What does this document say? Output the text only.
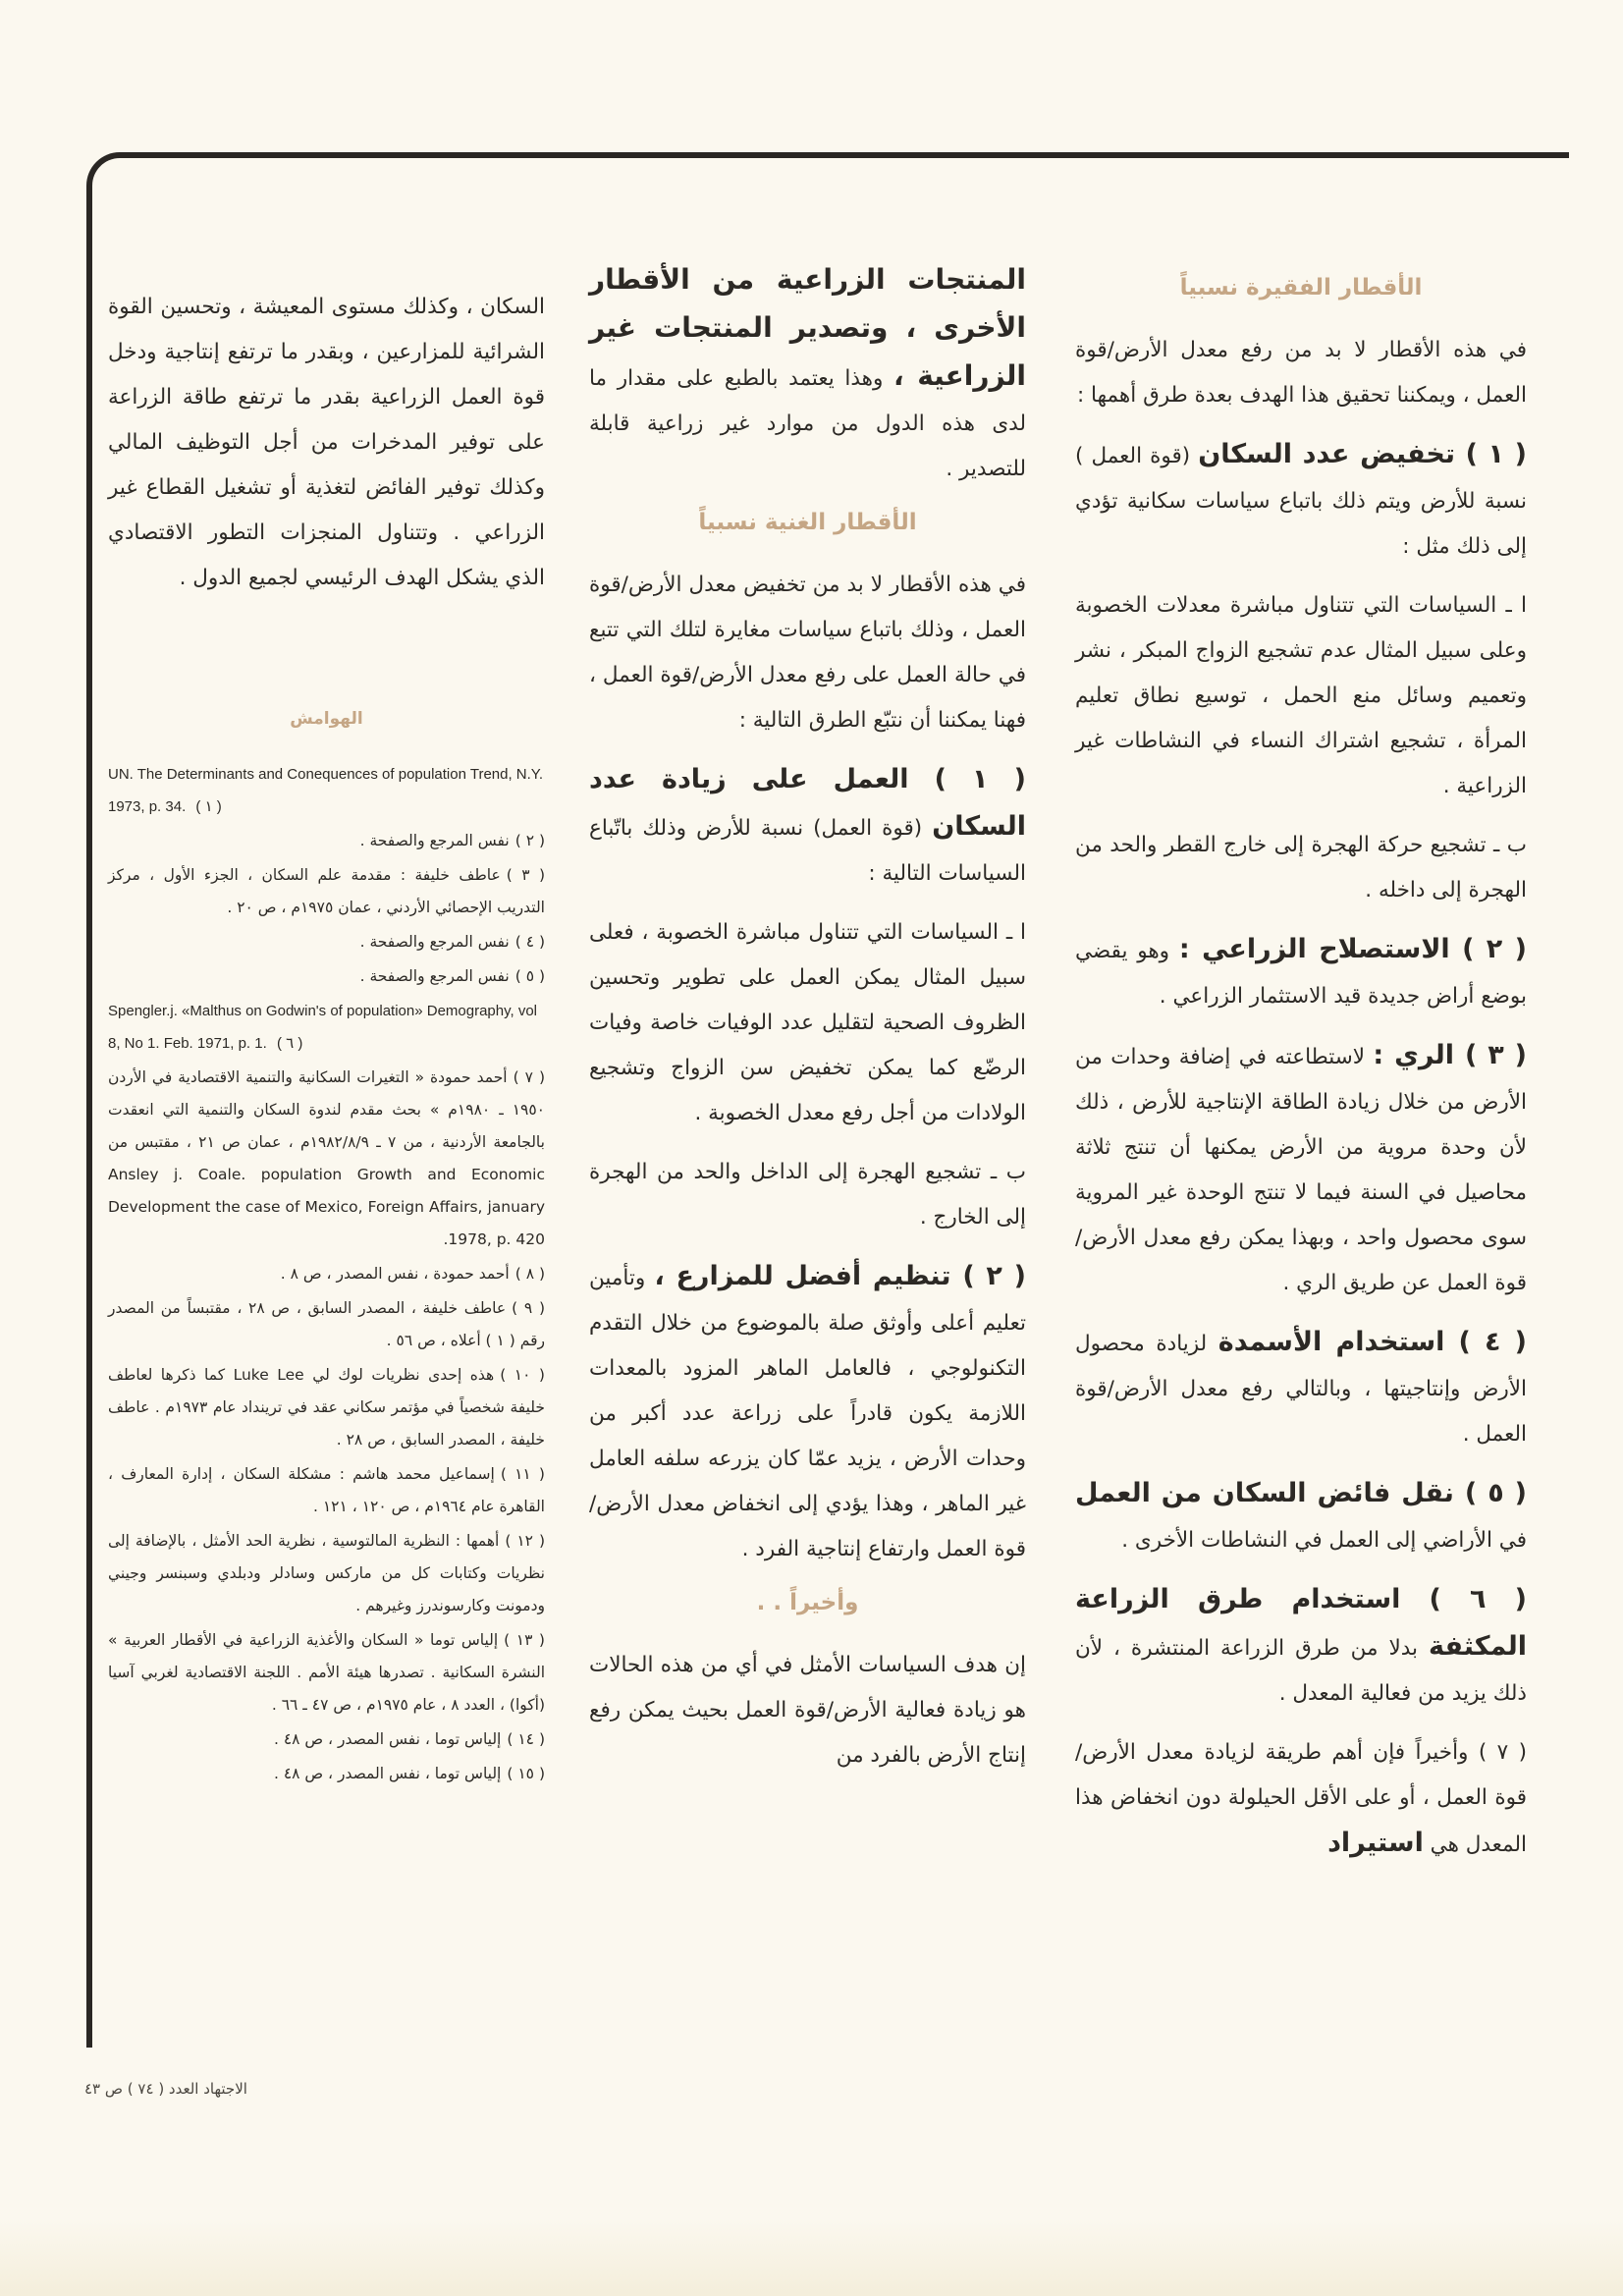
الأقطار الفقيرة نسبياً

في هذه الأقطار لا بد من رفع معدل الأرض/قوة العمل ، ويمكننا تحقيق هذا الهدف بعدة طرق أهمها :

( ١ ) تخفيض عدد السكان (قوة العمل ) نسبة للأرض ويتم ذلك باتباع سياسات سكانية تؤدي إلى ذلك مثل :

ا ـ السياسات التي تتناول مباشرة معدلات الخصوبة وعلى سبيل المثال عدم تشجيع الزواج المبكر ، نشر وتعميم وسائل منع الحمل ، توسيع نطاق تعليم المرأة ، تشجيع اشتراك النساء في النشاطات غير الزراعية .

ب ـ تشجيع حركة الهجرة إلى خارج القطر والحد من الهجرة إلى داخله .

( ٢ ) الاستصلاح الزراعي : وهو يقضي بوضع أراض جديدة قيد الاستثمار الزراعي .

( ٣ ) الري : لاستطاعته في إضافة وحدات من الأرض من خلال زيادة الطاقة الإنتاجية للأرض ، ذلك لأن وحدة مروية من الأرض يمكنها أن تنتج ثلاثة محاصيل في السنة فيما لا تنتج الوحدة غير المروية سوى محصول واحد ، وبهذا يمكن رفع معدل الأرض/قوة العمل عن طريق الري .

( ٤ ) استخدام الأسمدة لزيادة محصول الأرض وإنتاجيتها ، وبالتالي رفع معدل الأرض/قوة العمل .

( ٥ ) نقل فائض السكان من العمل في الأراضي إلى العمل في النشاطات الأخرى .

( ٦ ) استخدام طرق الزراعة المكثفة بدلا من طرق الزراعة المنتشرة ، لأن ذلك يزيد من فعالية المعدل .

( ٧ ) وأخيراً فإن أهم طريقة لزيادة معدل الأرض/قوة العمل ، أو على الأقل الحيلولة دون انخفاض هذا المعدل هي استيراد

المنتجات الزراعية من الأقطار الأخرى ، وتصدير المنتجات غير الزراعية ، وهذا يعتمد بالطبع على مقدار ما لدى هذه الدول من موارد غير زراعية قابلة للتصدير .

الأقطار الغنية نسبياً

في هذه الأقطار لا بد من تخفيض معدل الأرض/قوة العمل ، وذلك باتباع سياسات مغايرة لتلك التي تتبع في حالة العمل على رفع معدل الأرض/قوة العمل ، فهنا يمكننا أن نتبّع الطرق التالية :

( ١ ) العمل على زيادة عدد السكان (قوة العمل) نسبة للأرض وذلك باتّباع السياسات التالية :

ا ـ السياسات التي تتناول مباشرة الخصوبة ، فعلى سبيل المثال يمكن العمل على تطوير وتحسين الظروف الصحية لتقليل عدد الوفيات خاصة وفيات الرضّع كما يمكن تخفيض سن الزواج وتشجيع الولادات من أجل رفع معدل الخصوبة .

ب ـ تشجيع الهجرة إلى الداخل والحد من الهجرة إلى الخارج .

( ٢ ) تنظيم أفضل للمزارع ، وتأمين تعليم أعلى وأوثق صلة بالموضوع من خلال التقدم التكنولوجي ، فالعامل الماهر المزود بالمعدات اللازمة يكون قادراً على زراعة عدد أكبر من وحدات الأرض ، يزيد عمّا كان يزرعه سلفه العامل غير الماهر ، وهذا يؤدي إلى انخفاض معدل الأرض/قوة العمل وارتفاع إنتاجية الفرد .

وأخيراً . .

إن هدف السياسات الأمثل في أي من هذه الحالات هو زيادة فعالية الأرض/قوة العمل بحيث يمكن رفع إنتاج الأرض بالفرد من

السكان ، وكذلك مستوى المعيشة ، وتحسين القوة الشرائية للمزارعين ، وبقدر ما ترتفع إنتاجية ودخل قوة العمل الزراعية بقدر ما ترتفع طاقة الزراعة على توفير المدخرات من أجل التوظيف المالي وكذلك توفير الفائض لتغذية أو تشغيل القطاع غير الزراعي . وتتناول المنجزات التطور الاقتصادي الذي يشكل الهدف الرئيسي لجميع الدول .

الهوامش
UN. The Determinants and Conequences of population Trend, N.Y. 1973, p. 34. ( ١ )
( ٢ )نفس المرجع والصفحة .
( ٣ )عاطف خليفة : مقدمة علم السكان ، الجزء الأول ، مركز التدريب الإحصائي الأردني ، عمان ١٩٧٥م ، ص ٢٠ .
( ٤ )نفس المرجع والصفحة .
( ٥ )نفس المرجع والصفحة .
Spengler.j. «Malthus on Godwin's of population» Demography, vol 8, No 1. Feb. 1971, p. 1. ( ٦ )
( ٧ )أحمد حمودة « التغيرات السكانية والتنمية الاقتصادية في الأردن ١٩٥٠ ـ ١٩٨٠م » بحث مقدم لندوة السكان والتنمية التي انعقدت بالجامعة الأردنية ، من ٧ ـ ١٩٨٢/٨/٩م ، عمان ص ٢١ ، مقتبس من Ansley j. Coale. population Growth and Economic Development the case of Mexico, Foreign Affairs, january 1978, p. 420.
( ٨ )أحمد حمودة ، نفس المصدر ، ص ٨ .
( ٩ )عاطف خليفة ، المصدر السابق ، ص ٢٨ ، مقتبساً من المصدر رقم ( ١ ) أعلاه ، ص ٥٦ .
( ١٠ )هذه إحدى نظريات لوك لي Luke Lee كما ذكرها لعاطف خليفة شخصياً في مؤتمر سكاني عقد في ترينداد عام ١٩٧٣م . عاطف خليفة ، المصدر السابق ، ص ٢٨ .
( ١١ )إسماعيل محمد هاشم : مشكلة السكان ، إدارة المعارف ، القاهرة عام ١٩٦٤م ، ص ١٢٠ ، ١٢١ .
( ١٢ )أهمها : النظرية المالتوسية ، نظرية الحد الأمثل ، بالإضافة إلى نظريات وكتابات كل من ماركس وسادلر ودبلدي وسبنسر وجيني ودمونت وكارسوندرز وغيرهم .
( ١٣ )إلياس توما « السكان والأغذية الزراعية في الأقطار العربية » النشرة السكانية . تصدرها هيئة الأمم . اللجنة الاقتصادية لغربي آسيا (أكوا) ، العدد ٨ ، عام ١٩٧٥م ، ص ٤٧ ـ ٦٦ .
( ١٤ )إلياس توما ، نفس المصدر ، ص ٤٨ .
( ١٥ )إلياس توما ، نفس المصدر ، ص ٤٨ .
الاجتهاد العدد ( ٧٤ ) ص ٤٣
